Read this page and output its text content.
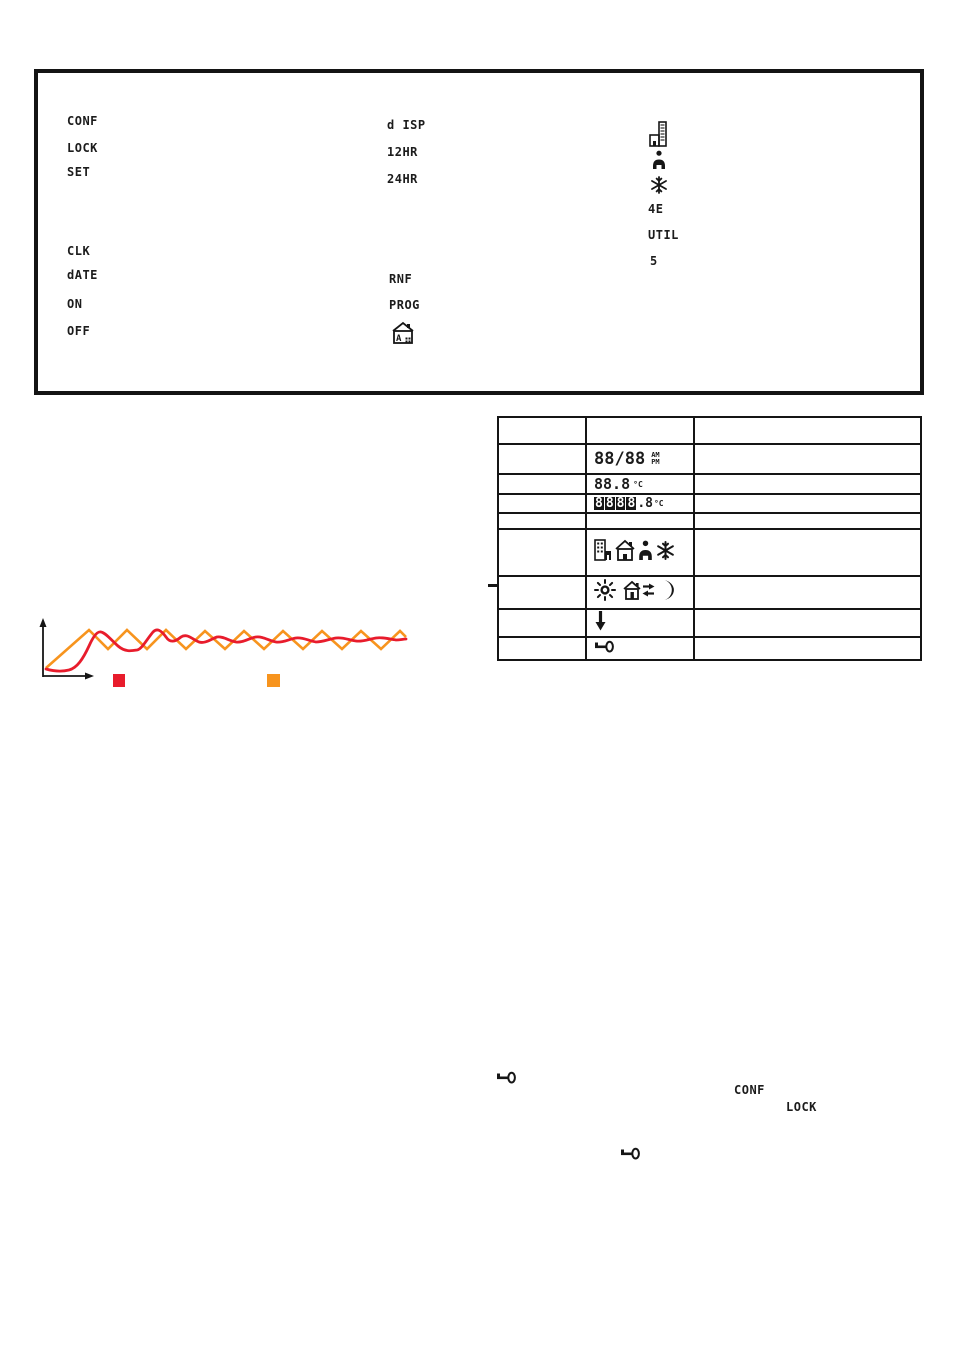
CONF
LOCK
SET
CLK
dATE
ON
OFF
d ISP
12HR
24HR
RNF
PROG
A
4E
UTIL
5

	88/88 AM
PM	

	88.8 °C	

8 8 8 8 .8 °C

CONF
LOCK
